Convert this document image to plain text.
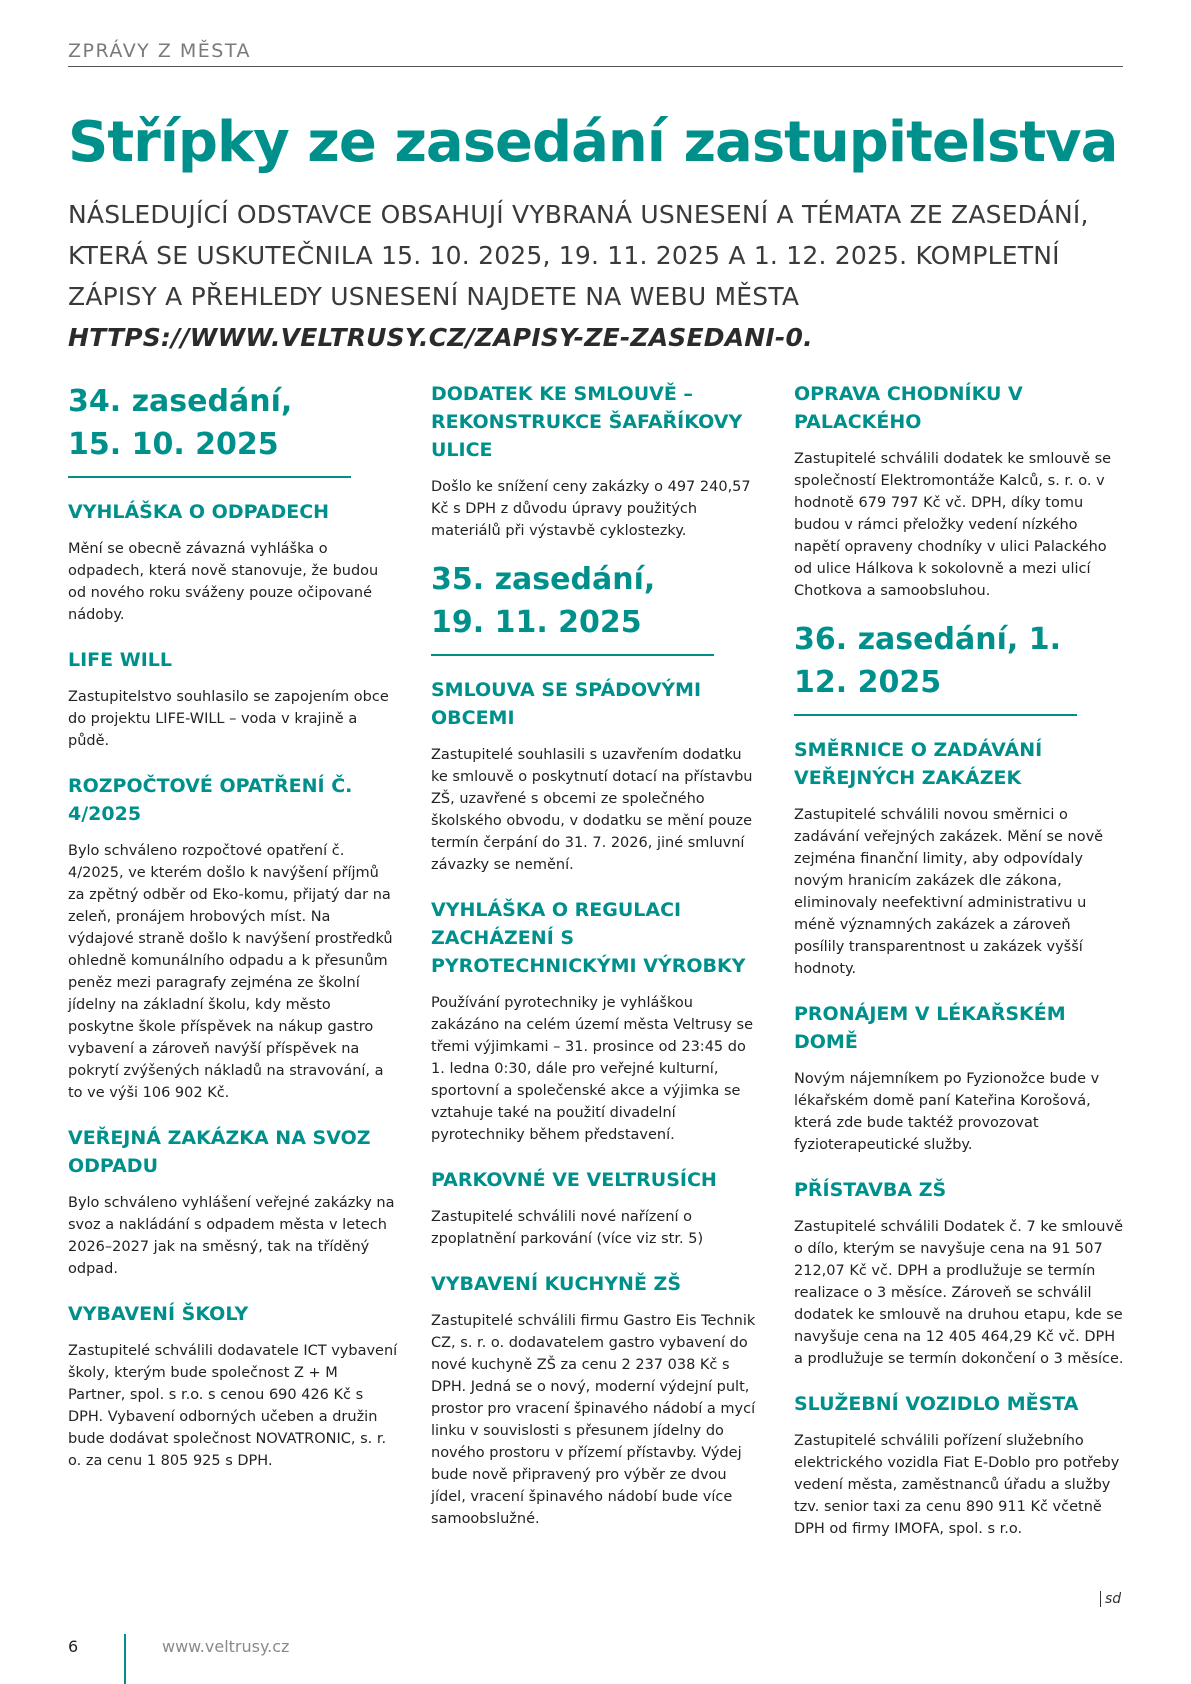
ZPRÁVY Z MĚSTA
Střípky ze zasedání zastupitelstva

NÁSLEDUJÍCÍ ODSTAVCE OBSAHUJÍ VYBRANÁ USNESENÍ A TÉMATA ZE ZASEDÁNÍ, KTERÁ SE USKUTEČNILA 15. 10. 2025, 19. 11. 2025 A 1. 12. 2025. KOMPLETNÍ ZÁPISY A PŘEHLEDY USNESENÍ NAJDETE NA WEBU MĚSTA HTTPS://WWW.VELTRUSY.CZ/ZAPISY-ZE-ZASEDANI-0.

34. zasedání, 15. 10. 2025
VYHLÁŠKA O ODPADECH

Mění se obecně závazná vyhláška o odpadech, která nově stanovuje, že budou od nového roku sváženy pouze očipované nádoby.

LIFE WILL

Zastupitelstvo souhlasilo se zapojením obce do projektu LIFE-WILL – voda v krajině a půdě.

ROZPOČTOVÉ OPATŘENÍ Č. 4/2025

Bylo schváleno rozpočtové opatření č. 4/2025, ve kterém došlo k navýšení příjmů za zpětný odběr od Eko-komu, přijatý dar na zeleň, pronájem hrobových míst. Na výdajové straně došlo k navýšení prostředků ohledně komunálního odpadu a k přesunům peněz mezi paragrafy zejména ze školní jídelny na základní školu, kdy město poskytne škole příspěvek na nákup gastro vybavení a zároveň navýší příspěvek na pokrytí zvýšených nákladů na stravování, a to ve výši 106 902 Kč.

VEŘEJNÁ ZAKÁZKA NA SVOZ ODPADU

Bylo schváleno vyhlášení veřejné zakázky na svoz a nakládání s odpadem města v letech 2026–2027 jak na směsný, tak na tříděný odpad.

VYBAVENÍ ŠKOLY

Zastupitelé schválili dodavatele ICT vybavení školy, kterým bude společnost Z + M Partner, spol. s r.o. s cenou 690 426 Kč s DPH. Vybavení odborných učeben a družin bude dodávat společnost NOVATRONIC, s. r. o. za cenu 1 805 925 s DPH.

DODATEK KE SMLOUVĚ – REKONSTRUKCE ŠAFAŘÍKOVY ULICE

Došlo ke snížení ceny zakázky o 497 240,57 Kč s DPH z důvodu úpravy použitých materiálů při výstavbě cyklostezky.

35. zasedání, 19. 11. 2025
SMLOUVA SE SPÁDOVÝMI OBCEMI

Zastupitelé souhlasili s uzavřením dodatku ke smlouvě o poskytnutí dotací na přístavbu ZŠ, uzavřené s obcemi ze společného školského obvodu, v dodatku se mění pouze termín čerpání do 31. 7. 2026, jiné smluvní závazky se nemění.

VYHLÁŠKA O REGULACI ZACHÁZENÍ S PYROTECHNICKÝMI VÝROBKY

Používání pyrotechniky je vyhláškou zakázáno na celém území města Veltrusy se třemi výjimkami – 31. prosince od 23:45 do 1. ledna 0:30, dále pro veřejné kulturní, sportovní a společenské akce a výjimka se vztahuje také na použití divadelní pyrotechniky během představení.

PARKOVNÉ VE VELTRUSÍCH

Zastupitelé schválili nové nařízení o zpoplatnění parkování (více viz str. 5)

VYBAVENÍ KUCHYNĚ ZŠ

Zastupitelé schválili firmu Gastro Eis Technik CZ, s. r. o. dodavatelem gastro vybavení do nové kuchyně ZŠ za cenu 2 237 038 Kč s DPH. Jedná se o nový, moderní výdejní pult, prostor pro vracení špinavého nádobí a mycí linku v souvislosti s přesunem jídelny do nového prostoru v přízemí přístavby. Výdej bude nově připravený pro výběr ze dvou jídel, vracení špinavého nádobí bude více samoobslužné.

OPRAVA CHODNÍKU V PALACKÉHO

Zastupitelé schválili dodatek ke smlouvě se společností Elektromontáže Kalců, s. r. o. v hodnotě 679 797 Kč vč. DPH, díky tomu budou v rámci přeložky vedení nízkého napětí opraveny chodníky v ulici Palackého od ulice Hálkova k sokolovně a mezi ulicí Chotkova a samoobsluhou.

36. zasedání, 1. 12. 2025
SMĚRNICE O ZADÁVÁNÍ VEŘEJNÝCH ZAKÁZEK

Zastupitelé schválili novou směrnici o zadávání veřejných zakázek. Mění se nově zejména finanční limity, aby odpovídaly novým hranicím zakázek dle zákona, eliminovaly neefektivní administrativu u méně významných zakázek a zároveň posílily transparentnost u zakázek vyšší hodnoty.

PRONÁJEM V LÉKAŘSKÉM DOMĚ

Novým nájemníkem po Fyzionožce bude v lékařském domě paní Kateřina Korošová, která zde bude taktéž provozovat fyzioterapeutické služby.

PŘÍSTAVBA ZŠ

Zastupitelé schválili Dodatek č. 7 ke smlouvě o dílo, kterým se navyšuje cena na 91 507 212,07 Kč vč. DPH a prodlužuje se termín realizace o 3 měsíce. Zároveň se schválil dodatek ke smlouvě na druhou etapu, kde se navyšuje cena na 12 405 464,29 Kč vč. DPH a prodlužuje se termín dokončení o 3 měsíce.

SLUŽEBNÍ VOZIDLO MĚSTA

Zastupitelé schválili pořízení služebního elektrického vozidla Fiat E-Doblo pro potřeby vedení města, zaměstnanců úřadu a služby tzv. senior taxi za cenu 890 911 Kč včetně DPH od firmy IMOFA, spol. s r.o.

sd
6	www.veltrusy.cz
